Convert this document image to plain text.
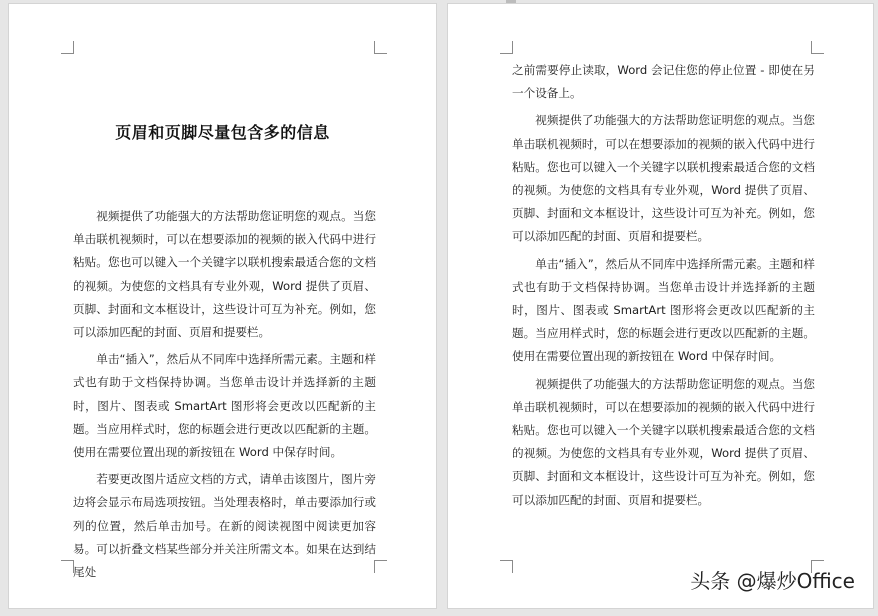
页眉和页脚尽量包含多的信息

视频提供了功能强大的方法帮助您证明您的观点。当您单击联机视频时，可以在想要添加的视频的嵌入代码中进行粘贴。您也可以键入一个关键字以联机搜索最适合您的文档的视频。为使您的文档具有专业外观，Word 提供了页眉、页脚、封面和文本框设计，这些设计可互为补充。例如，您可以添加匹配的封面、页眉和提要栏。

单击“插入”，然后从不同库中选择所需元素。主题和样式也有助于文档保持协调。当您单击设计并选择新的主题时，图片、图表或 SmartArt 图形将会更改以匹配新的主题。当应用样式时，您的标题会进行更改以匹配新的主题。使用在需要位置出现的新按钮在 Word 中保存时间。

若要更改图片适应文档的方式，请单击该图片，图片旁边将会显示布局选项按钮。当处理表格时，单击要添加行或列的位置，然后单击加号。在新的阅读视图中阅读更加容易。可以折叠文档某些部分并关注所需文本。如果在达到结尾处

之前需要停止读取，Word 会记住您的停止位置 - 即使在另一个设备上。

视频提供了功能强大的方法帮助您证明您的观点。当您单击联机视频时，可以在想要添加的视频的嵌入代码中进行粘贴。您也可以键入一个关键字以联机搜索最适合您的文档的视频。为使您的文档具有专业外观，Word 提供了页眉、页脚、封面和文本框设计，这些设计可互为补充。例如，您可以添加匹配的封面、页眉和提要栏。

单击“插入”，然后从不同库中选择所需元素。主题和样式也有助于文档保持协调。当您单击设计并选择新的主题时，图片、图表或 SmartArt 图形将会更改以匹配新的主题。当应用样式时，您的标题会进行更改以匹配新的主题。使用在需要位置出现的新按钮在 Word 中保存时间。

视频提供了功能强大的方法帮助您证明您的观点。当您单击联机视频时，可以在想要添加的视频的嵌入代码中进行粘贴。您也可以键入一个关键字以联机搜索最适合您的文档的视频。为使您的文档具有专业外观，Word 提供了页眉、页脚、封面和文本框设计，这些设计可互为补充。例如，您可以添加匹配的封面、页眉和提要栏。

头条 @爆炒Office
